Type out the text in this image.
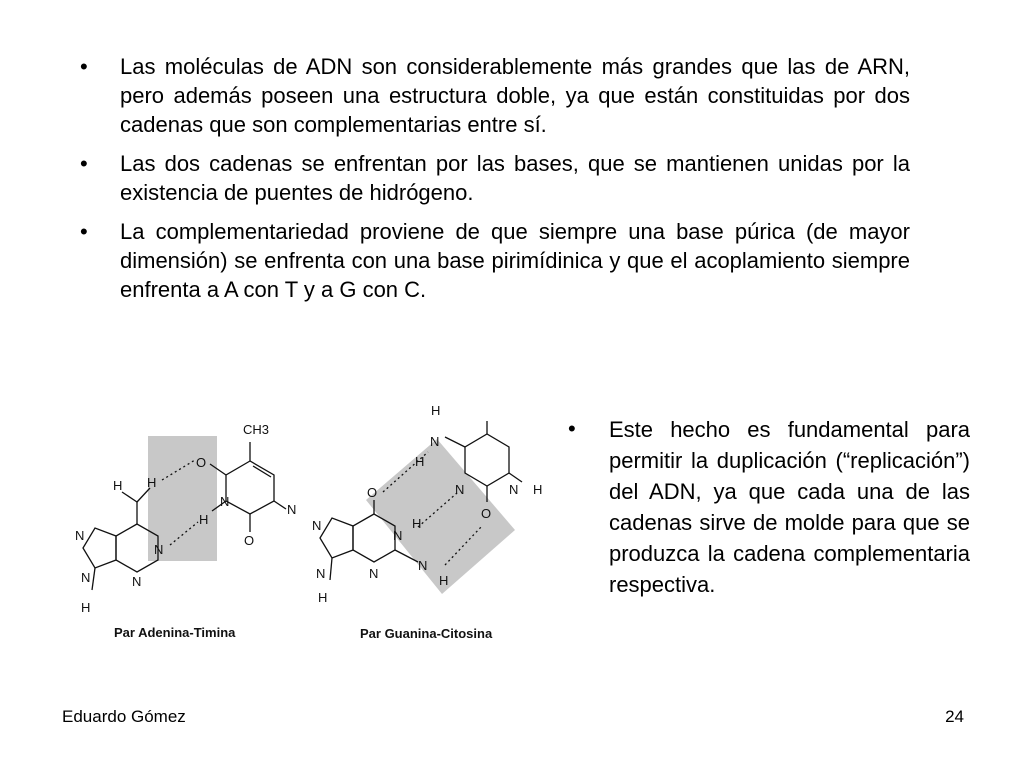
• Las moléculas de ADN son considerablemente más grandes que las de ARN, pero además poseen una estructura doble, ya que están constituidas por dos cadenas que son complementarias entre sí.
• Las dos cadenas se enfrentan por las bases, que se mantienen unidas por la existencia de puentes de hidrógeno.
• La complementariedad proviene de que siempre una base púrica (de mayor dimensión) se enfrenta con una base pirimídinica y que el acoplamiento siempre enfrenta a A con T y a G con C.
CH3
O
N
H
N
O
H H
N
N
N
N
H
Par Adenina-Timina
H
N
H
N	N H
O
O
N
H
N
N
N
H
N
H
Par Guanina-Citosina
• Este hecho es fundamental para permitir la duplicación (“replicación”) del ADN, ya que cada una de las cadenas sirve de molde para que se produzca la cadena complementaria respectiva.
Eduardo Gómez	24
